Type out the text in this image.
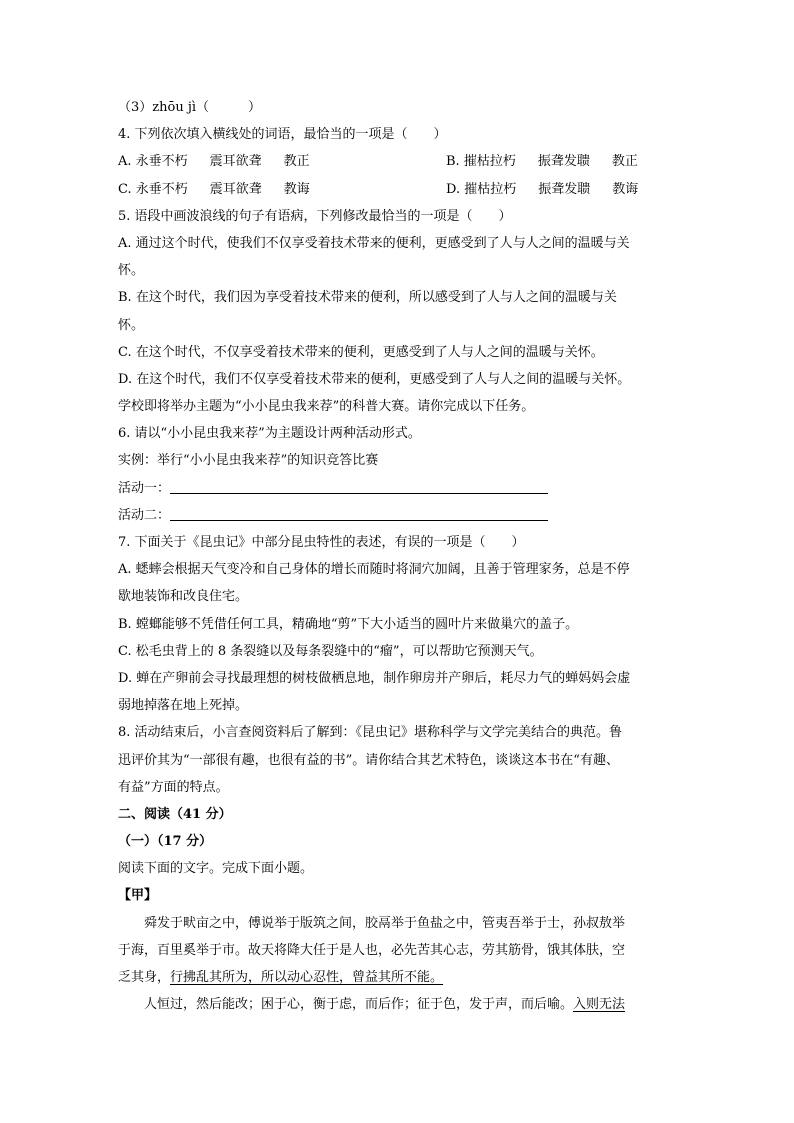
（3）zhōu jì（　　　）
4. 下列依次填入横线处的词语，最恰当的一项是（　　）
A. 永垂不朽 震耳欲聋 教正	B. 摧枯拉朽 振聋发聩 教正
C. 永垂不朽 震耳欲聋 教诲	D. 摧枯拉朽 振聋发聩 教诲
5. 语段中画波浪线的句子有语病，下列修改最恰当的一项是（　　）
A. 通过这个时代，使我们不仅享受着技术带来的便利，更感受到了人与人之间的温暖与关
怀。
B. 在这个时代，我们因为享受着技术带来的便利，所以感受到了人与人之间的温暖与关
怀。
C. 在这个时代，不仅享受着技术带来的便利，更感受到了人与人之间的温暖与关怀。
D. 在这个时代，我们不仅享受着技术带来的便利，更感受到了人与人之间的温暖与关怀。
学校即将举办主题为“小小昆虫我来荐”的科普大赛。请你完成以下任务。
6. 请以“小小昆虫我来荐”为主题设计两种活动形式。
实例：举行“小小昆虫我来荐”的知识竞答比赛
活动一：
活动二：
7. 下面关于《昆虫记》中部分昆虫特性的表述，有误的一项是（　　）
A. 蟋蟀会根据天气变冷和自己身体的增长而随时将洞穴加阔，且善于管理家务，总是不停
歇地装饰和改良住宅。
B. 螳螂能够不凭借任何工具，精确地“剪”下大小适当的圆叶片来做巢穴的盖子。
C. 松毛虫背上的 8 条裂缝以及每条裂缝中的“瘤”，可以帮助它预测天气。
D. 蝉在产卵前会寻找最理想的树枝做栖息地，制作卵房并产卵后，耗尽力气的蝉妈妈会虚
弱地掉落在地上死掉。
8. 活动结束后，小言查阅资料后了解到：《昆虫记》堪称科学与文学完美结合的典范。鲁
迅评价其为“一部很有趣，也很有益的书”。请你结合其艺术特色，谈谈这本书在“有趣、
有益”方面的特点。
二、阅读（41 分）
（一）（17 分）
阅读下面的文字。完成下面小题。
【甲】
舜发于畎亩之中，傅说举于版筑之间，胶鬲举于鱼盐之中，管夷吾举于士，孙叔敖举
于海，百里奚举于市。故天将降大任于是人也，必先苦其心志，劳其筋骨，饿其体肤，空
乏其身，行拂乱其所为，所以动心忍性，曾益其所不能。
人恒过，然后能改；困于心，衡于虑，而后作；征于色，发于声，而后喻。入则无法
